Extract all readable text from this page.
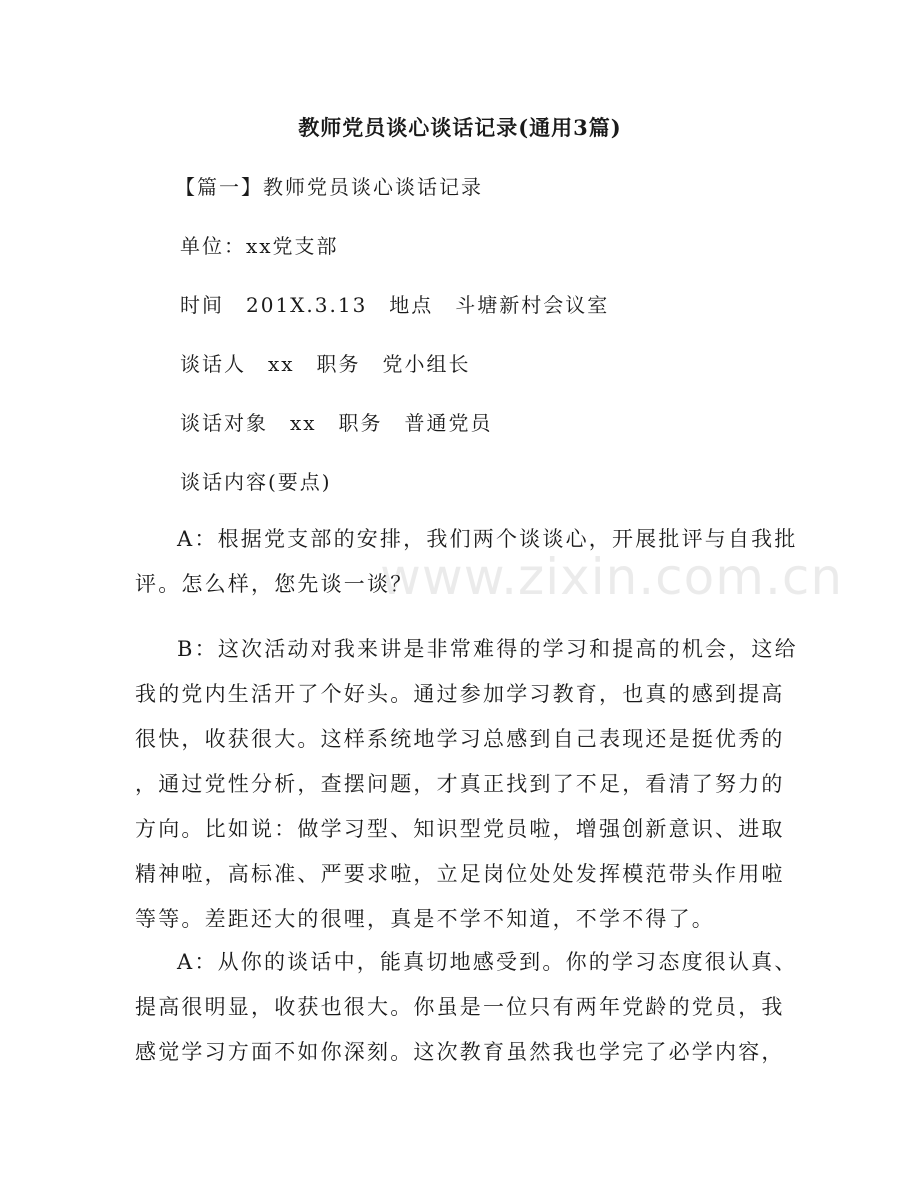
教师党员谈心谈话记录(通用3篇)
【篇一】教师党员谈心谈话记录
单位：xx党支部
时间　201X.3.13　地点　斗塘新村会议室
谈话人　xx　职务　党小组长
谈话对象　xx　职务　普通党员
谈话内容(要点)
A：根据党支部的安排，我们两个谈谈心，开展批评与自我批
评。怎么样，您先谈一谈？
B：这次活动对我来讲是非常难得的学习和提高的机会，这给
我的党内生活开了个好头。通过参加学习教育，也真的感到提高
很快，收获很大。这样系统地学习总感到自己表现还是挺优秀的
，通过党性分析，查摆问题，才真正找到了不足，看清了努力的
方向。比如说：做学习型、知识型党员啦，增强创新意识、进取
精神啦，高标准、严要求啦，立足岗位处处发挥模范带头作用啦
等等。差距还大的很哩，真是不学不知道，不学不得了。
A：从你的谈话中，能真切地感受到。你的学习态度很认真、
提高很明显，收获也很大。你虽是一位只有两年党龄的党员，我
感觉学习方面不如你深刻。这次教育虽然我也学完了必学内容，
www.zixin.com.cn
